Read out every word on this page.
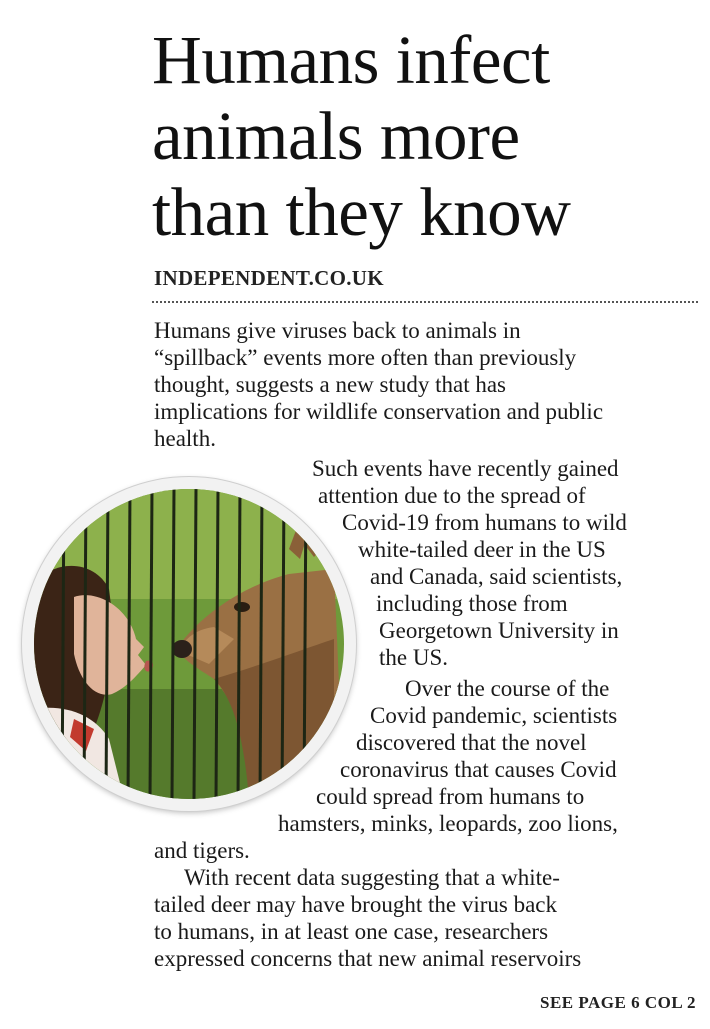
Humans infect
animals more
than they know
INDEPENDENT.CO.UK
Humans give viruses back to animals in
“spillback” events more often than previously
thought, suggests a new study that has
implications for wildlife conservation and public
health.
Such events have recently gained
attention due to the spread of
Covid-19 from humans to wild
white-tailed deer in the US
and Canada, said scientists,
including those from
Georgetown University in
the US.
Over the course of the
Covid pandemic, scientists
discovered that the novel
coronavirus that causes Covid
could spread from humans to
hamsters, minks, leopards, zoo lions,
and tigers.
With recent data suggesting that a white-
tailed deer may have brought the virus back
to humans, in at least one case, researchers
expressed concerns that new animal reservoirs
SEE PAGE 6 COL 2
